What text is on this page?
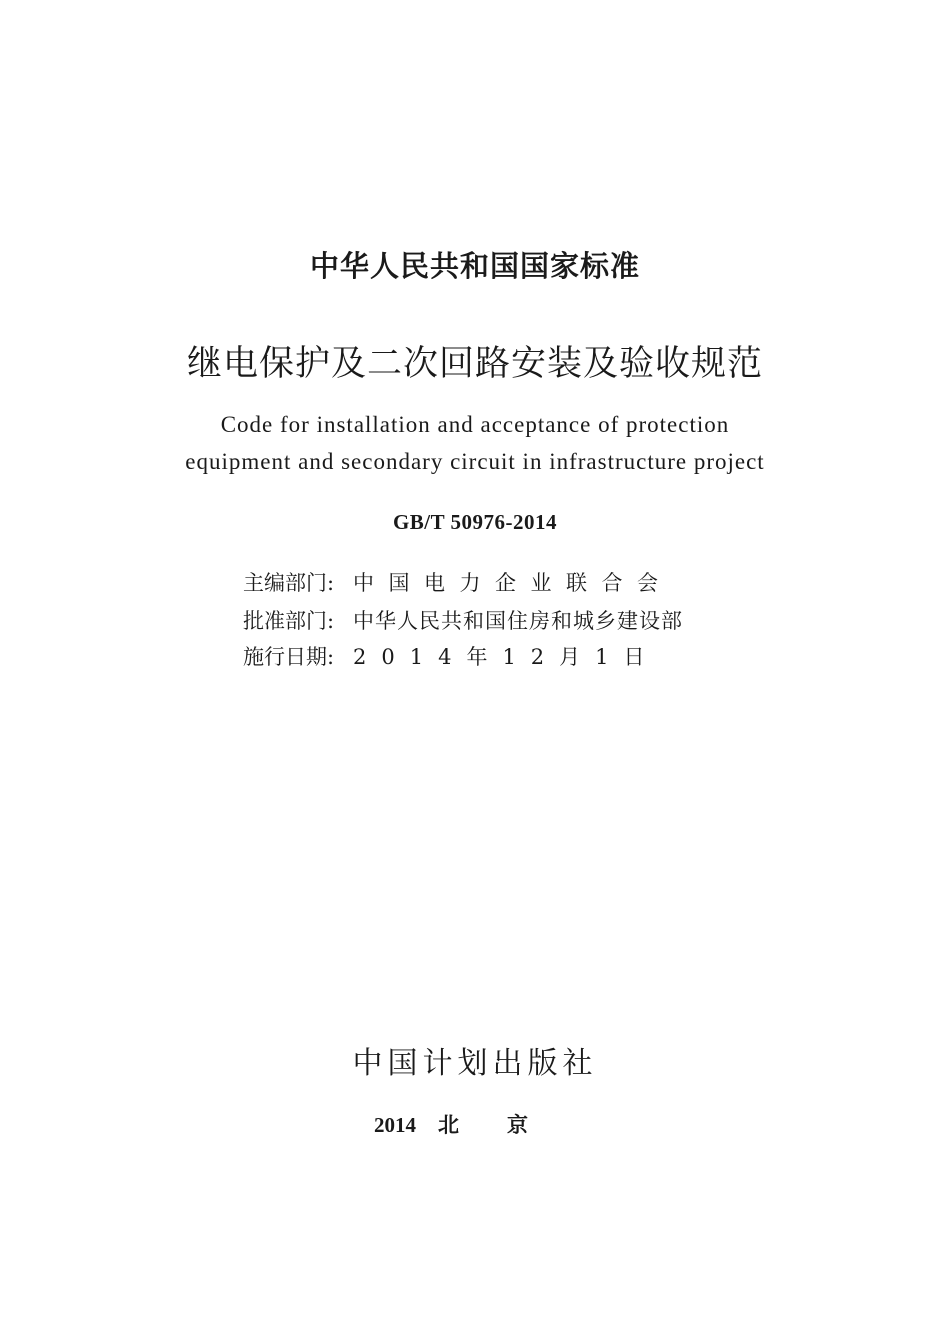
中华人民共和国国家标准
继电保护及二次回路安装及验收规范
Code for installation and acceptance of protection
equipment and secondary circuit in infrastructure project
GB/T 50976-2014
主编部门: 中国电力企业联合会
批准部门: 中华人民共和国住房和城乡建设部
施行日期: 2014年12月1日
中国计划出版社
2014 北京
